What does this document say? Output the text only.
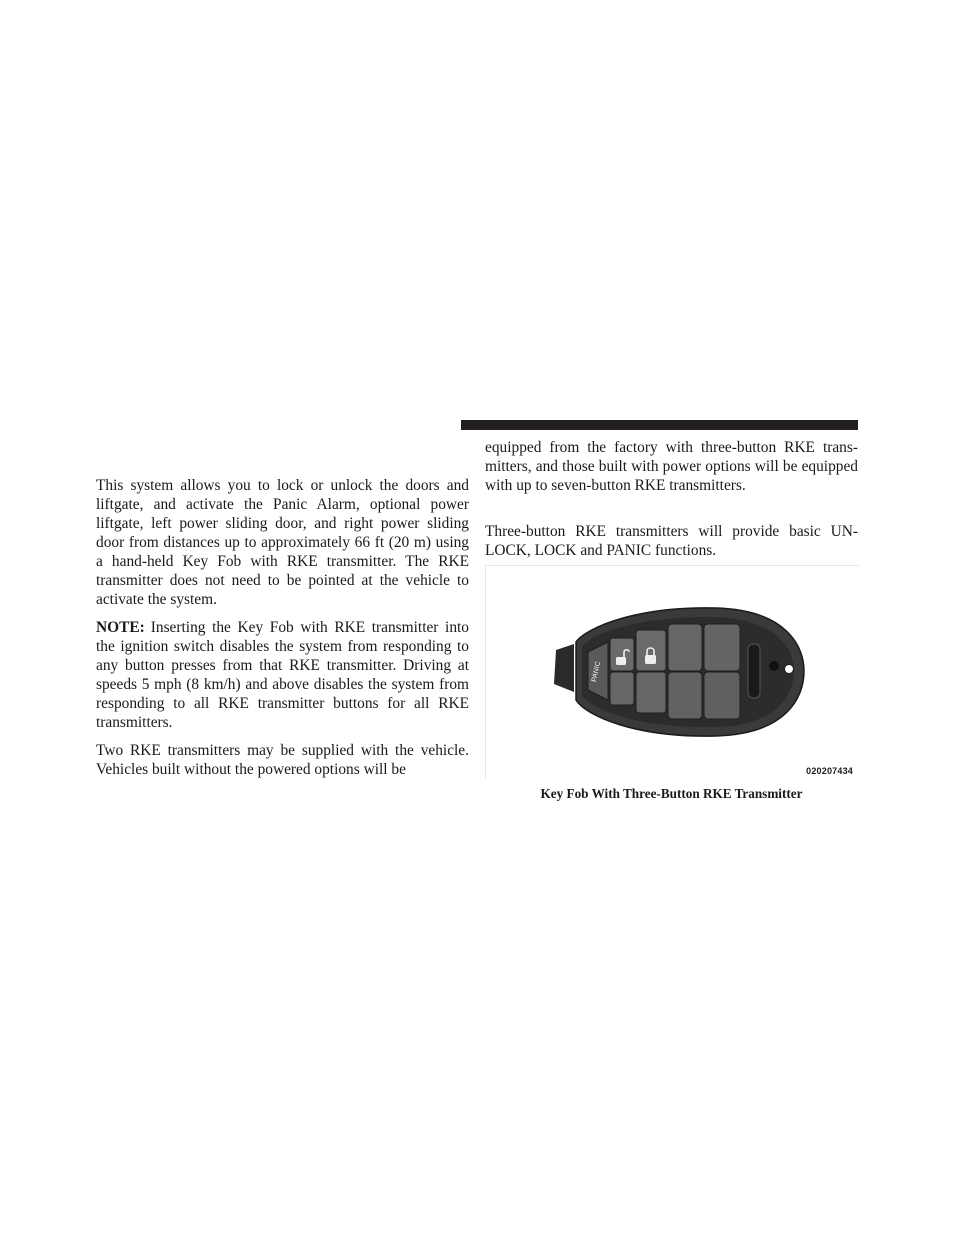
This system allows you to lock or unlock the doors and liftgate, and activate the Panic Alarm, optional power liftgate, left power sliding door, and right power sliding door from distances up to approximately 66 ft (20 m) using a hand-held Key Fob with RKE transmitter. The RKE transmitter does not need to be pointed at the vehicle to activate the system.

NOTE: Inserting the Key Fob with RKE transmitter into the ignition switch disables the system from responding to any button presses from that RKE transmitter. Driving at speeds 5 mph (8 km/h) and above disables the system from responding to all RKE transmitter buttons for all RKE transmitters.

Two RKE transmitters may be supplied with the vehicle. Vehicles built without the powered options will be

equipped from the factory with three-button RKE trans-mitters, and those built with power options will be equipped with up to seven-button RKE transmitters.

Three-button RKE transmitters will provide basic UN-LOCK, LOCK and PANIC functions.

PANIC
020207434
Key Fob With Three-Button RKE Transmitter
